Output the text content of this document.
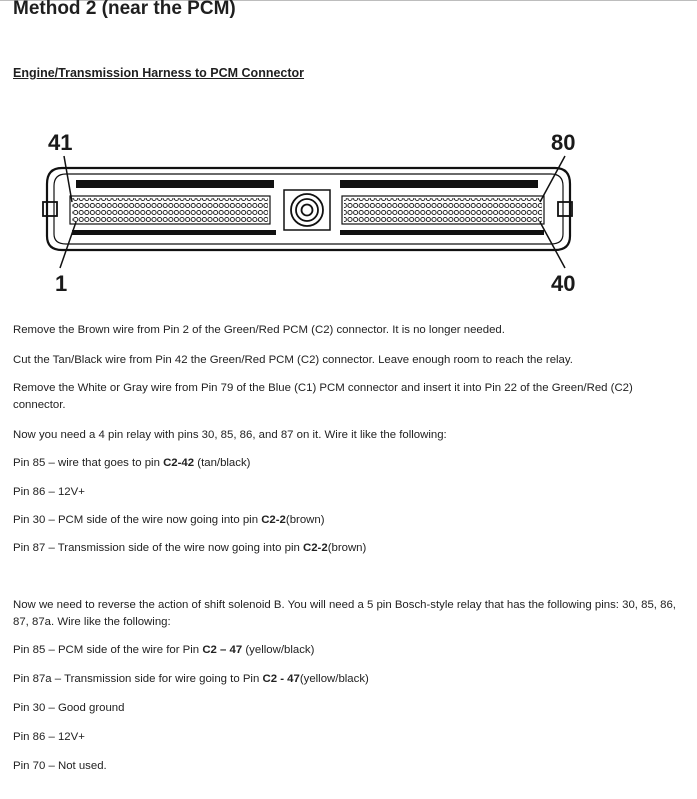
Method 2 (near the PCM)
Engine/Transmission Harness to PCM Connector
41	80
1	40
Remove the Brown wire from Pin 2 of the Green/Red PCM (C2) connector. It is no longer needed.
Cut the Tan/Black wire from Pin 42 the Green/Red PCM (C2) connector. Leave enough room to reach the relay.
Remove the White or Gray wire from Pin 79 of the Blue (C1) PCM connector and insert it into Pin 22 of the Green/Red (C2) connector.
Now you need a 4 pin relay with pins 30, 85, 86, and 87 on it. Wire it like the following:
Pin 85 – wire that goes to pin C2-42 (tan/black)
Pin 86 – 12V+
Pin 30 – PCM side of the wire now going into pin C2-2(brown)
Pin 87 – Transmission side of the wire now going into pin C2-2(brown)
Now we need to reverse the action of shift solenoid B. You will need a 5 pin Bosch-style relay that has the following pins: 30, 85, 86, 87, 87a. Wire like the following:
Pin 85 – PCM side of the wire for Pin C2 – 47 (yellow/black)
Pin 87a – Transmission side for wire going to Pin C2 - 47(yellow/black)
Pin 30 – Good ground
Pin 86 – 12V+
Pin 70 – Not used.
